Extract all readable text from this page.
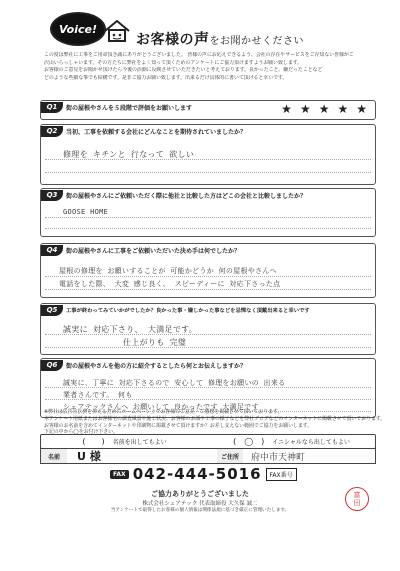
Voice!
お客様の声をお聞かせください
この度は弊社に工事をご用命頂き誠にありがとうございました。 皆様の声にお応えできるよう、会社の存在やサービスをご存知ない皆様がご
沢山いらっしゃいます。その方たちに弊社をよく知って頂くためのアンケートにご協力頂けますようお願い致します。
お客様のご意見をお聞かせ頂けたら今後の活動に反映させていただきたいと考えております。良かったこと、嫌だったことなど
どのような些細な事でも結構です。是非ご協力お願い致します。出来るだけ具体的に書いて頂けると幸いです。
Q1	街の屋根やさんを５段階で評価をお願いします	★ ★ ★ ★ ★
Q2	当初、工事を依頼する会社にどんなことを期待されていましたか？
修理を キチンと 行なって 欲しい
Q3	街の屋根やさんにご依頼いただく際に他社と比較した方はどこの会社と比較しましたか？
GOOSE HOME
Q4	街の屋根やさんに工事をご依頼いただいた決め手は何でしたか？
屋根の修理を お願いすることが 可能かどうか 何の屋根やさんへ
電話をした際、 大変 感じ良く、 スピーディーに 対応下さった点
Q5	工事が終わってみていかがでしたか？良かった事・嫌しかった事などを忌憚なく頂戴出来ると幸いです
誠実に 対応下さり、 大満足です。
仕上がりも 完璧
Q6	街の屋根やさんを他の方に紹介するとしたら何とお伝えしますか？
誠実に、丁寧に 対応下さるので 安心して 修理をお願いの 出来る
業者さんです。 何も
シェアテックさんへ お願いして 良かったです 大満足です
※弊社は広告宣伝費を抑えるためにホームページ上でお客様のご意見・ご感想を掲載させて頂いております。
本アンケート用紙またはお客様宅の調査風景や施工状況、お客様のお顔や工事の様子などを弊社ブログなどのインターネットに掲載させて頂いております。
お客様のお名前を含めてインターネットや印刷物に掲載させて頂けますか？お差し支えない範囲でご協力をお願いします。
下記の中から◯をお付け下さい。
( ) 名前を出してもよい	( ◯ ) イニシャルなら出してもよい
名前	U 様	ご住所	府中市天神町
FAX 042-444-5016	FAX番号
ご協力ありがとうございました
株式会社シェアテック 代表取締役 大久保 誠二
当アンケートで取得したお客様の個人情報は関係法規に基づき厳正に管理いたします。
富
田
